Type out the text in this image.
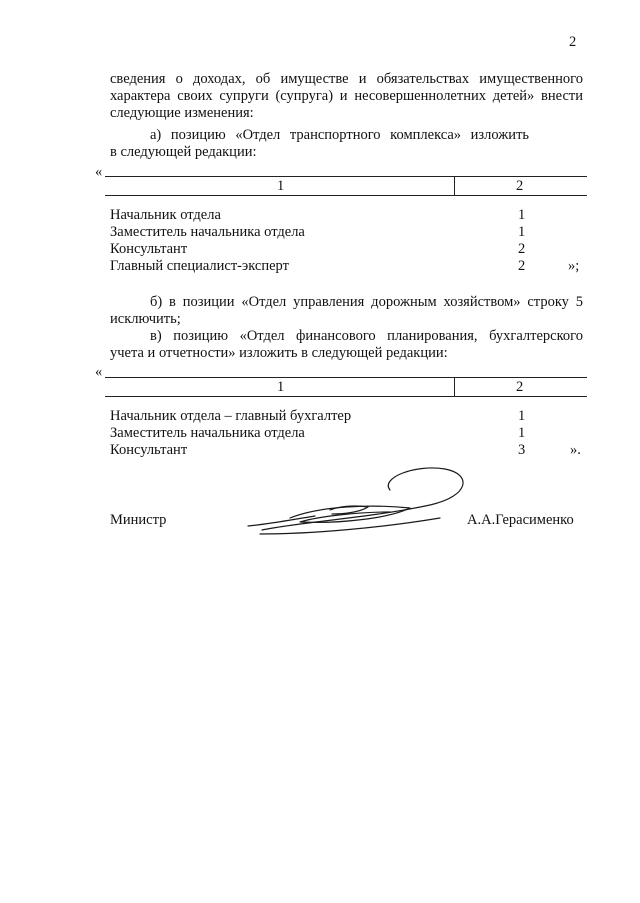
2
сведения о доходах, об имуществе и обязательствах имущественного
характера своих супруги (супруга) и несовершеннолетних детей» внести
следующие изменения:
а) позицию «Отдел транспортного комплекса» изложить
в следующей редакции:
«
1	2
Начальник отдела	1
Заместитель начальника отдела	1
Консультант	2
Главный специалист-эксперт	2	»;
б) в позиции «Отдел управления дорожным хозяйством» строку 5
исключить;
в) позицию «Отдел финансового планирования, бухгалтерского
учета и отчетности» изложить в следующей редакции:
«
1	2
Начальник отдела – главный бухгалтер	1
Заместитель начальника отдела	1
Консультант	3	».
Министр	А.А.Герасименко
